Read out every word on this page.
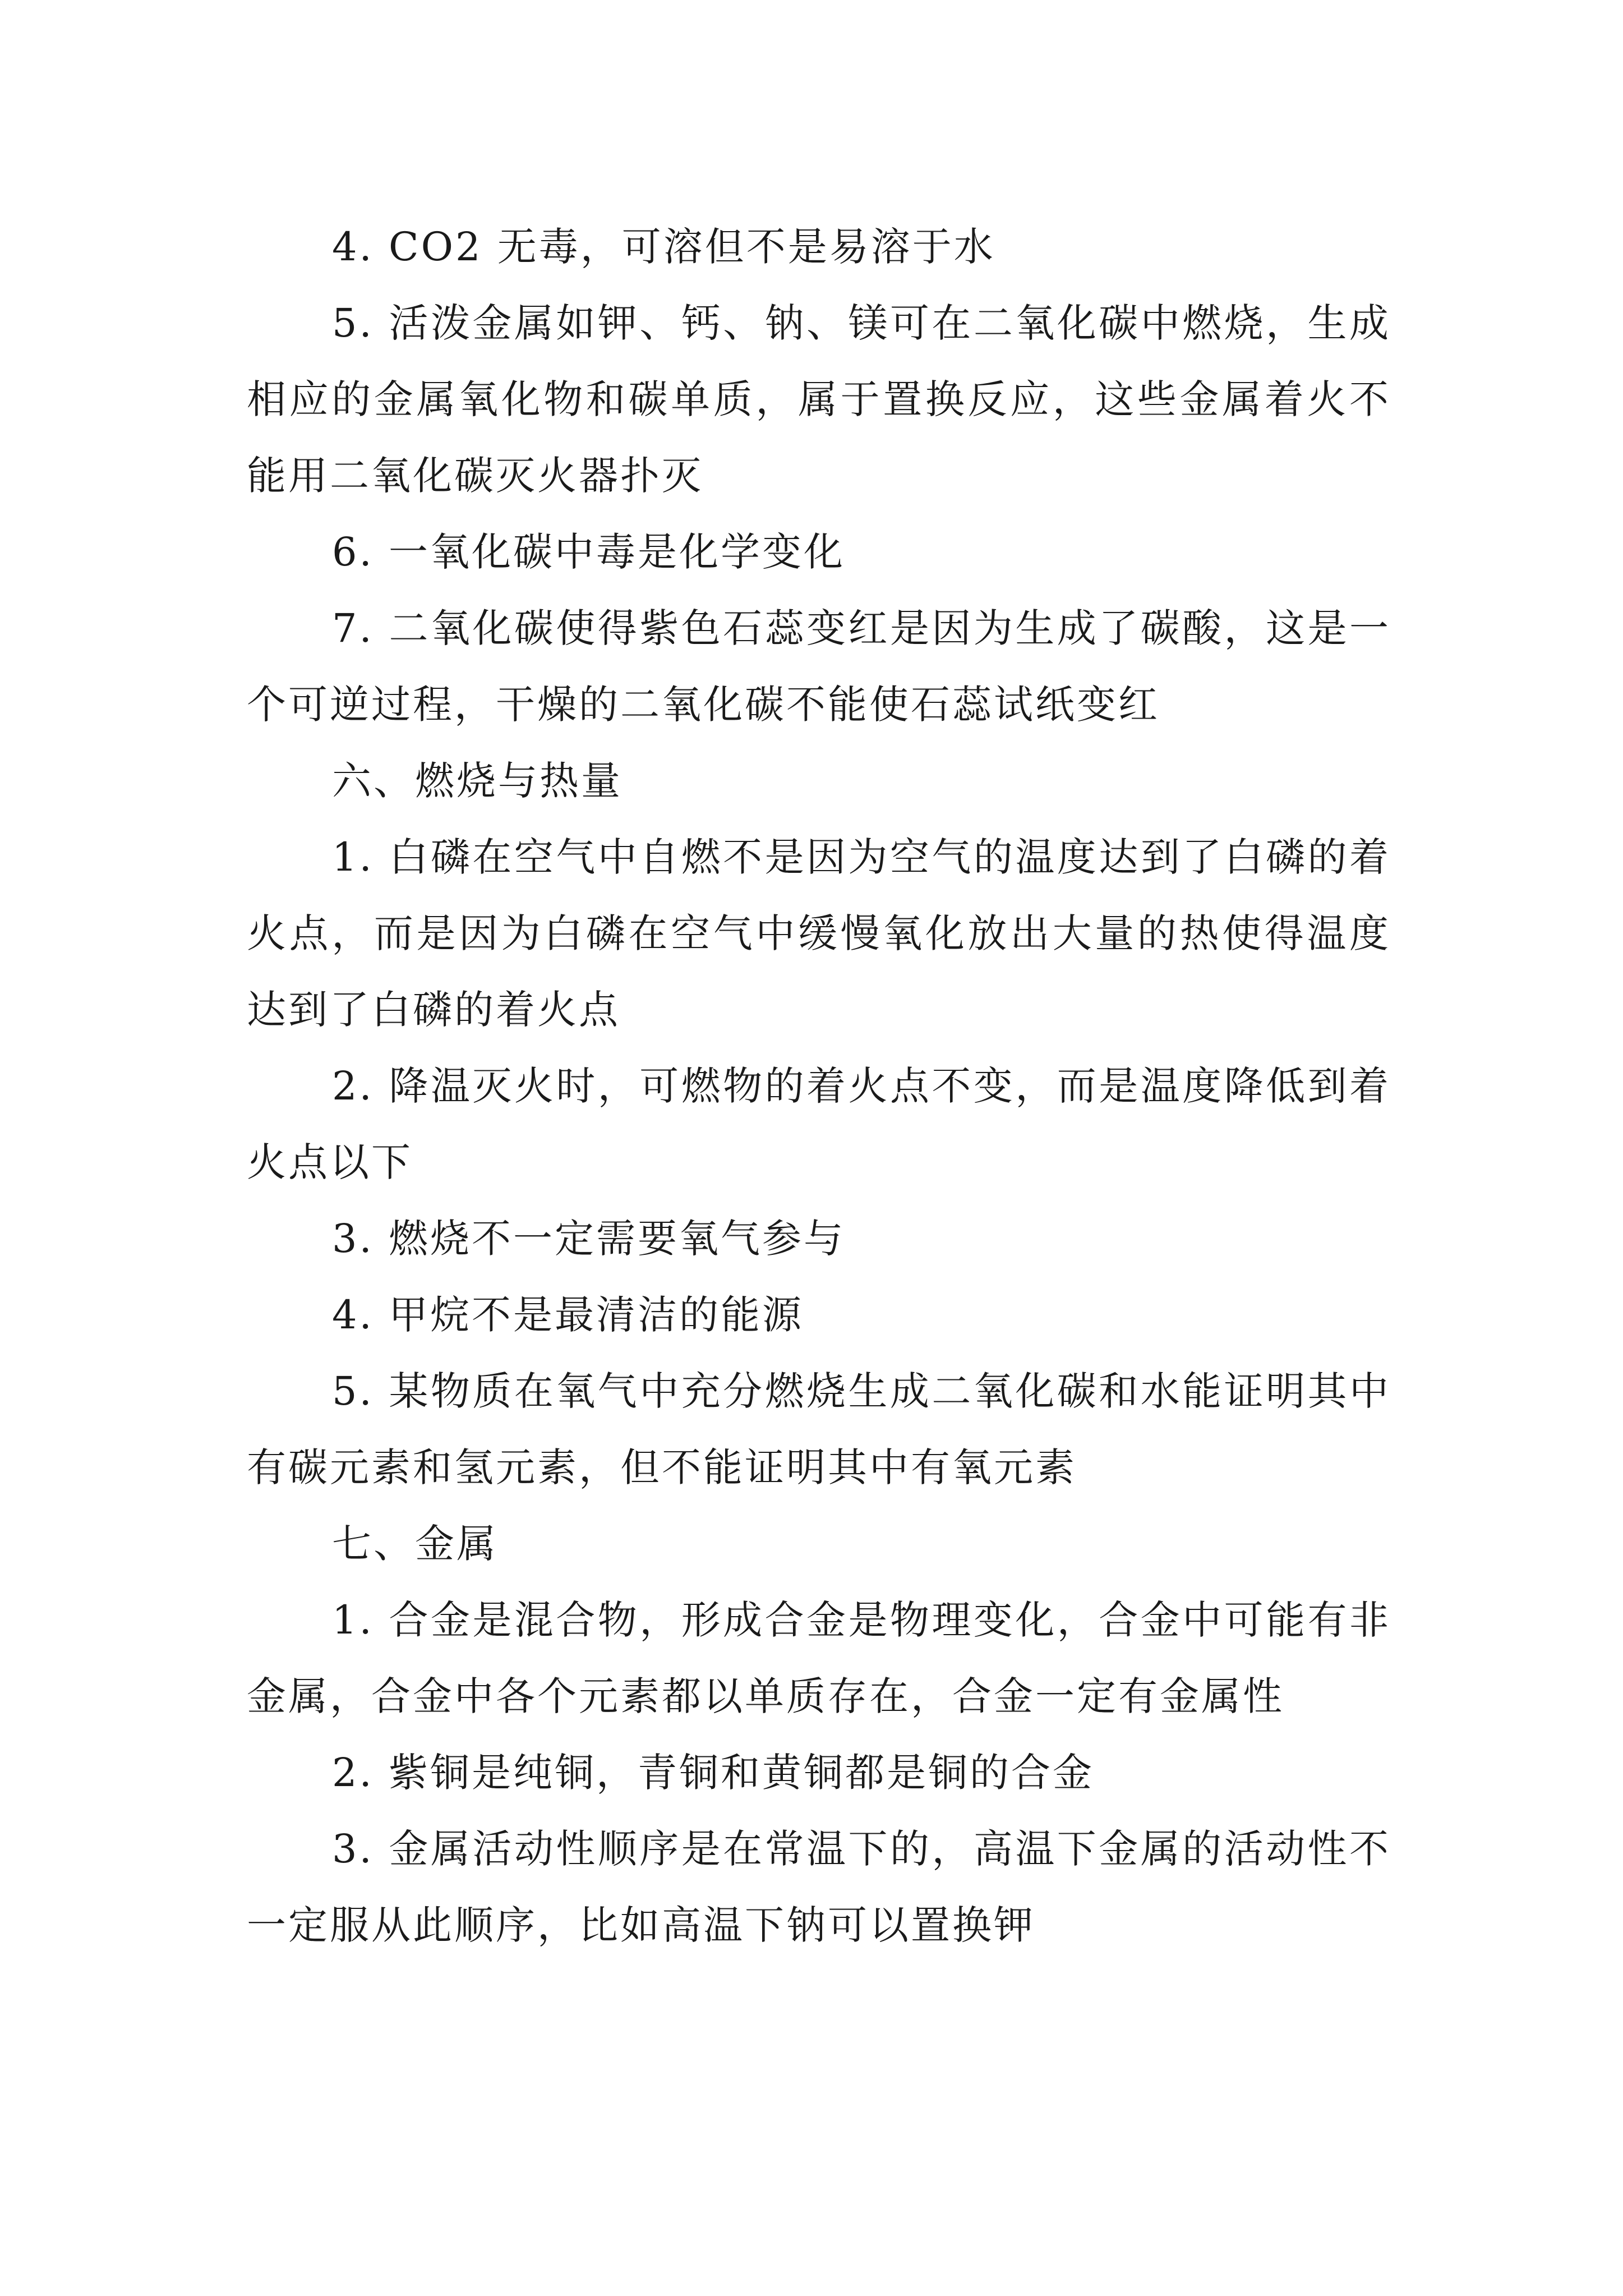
4. CO2 无毒，可溶但不是易溶于水

5. 活泼金属如钾、钙、钠、镁可在二氧化碳中燃烧，生成相应的金属氧化物和碳单质，属于置换反应，这些金属着火不能用二氧化碳灭火器扑灭

6. 一氧化碳中毒是化学变化

7. 二氧化碳使得紫色石蕊变红是因为生成了碳酸，这是一个可逆过程，干燥的二氧化碳不能使石蕊试纸变红

六、燃烧与热量

1. 白磷在空气中自燃不是因为空气的温度达到了白磷的着火点，而是因为白磷在空气中缓慢氧化放出大量的热使得温度达到了白磷的着火点

2. 降温灭火时，可燃物的着火点不变，而是温度降低到着火点以下

3. 燃烧不一定需要氧气参与

4. 甲烷不是最清洁的能源

5. 某物质在氧气中充分燃烧生成二氧化碳和水能证明其中有碳元素和氢元素，但不能证明其中有氧元素

七、金属

1. 合金是混合物，形成合金是物理变化，合金中可能有非金属，合金中各个元素都以单质存在，合金一定有金属性

2. 紫铜是纯铜，青铜和黄铜都是铜的合金

3. 金属活动性顺序是在常温下的，高温下金属的活动性不一定服从此顺序，比如高温下钠可以置换钾
